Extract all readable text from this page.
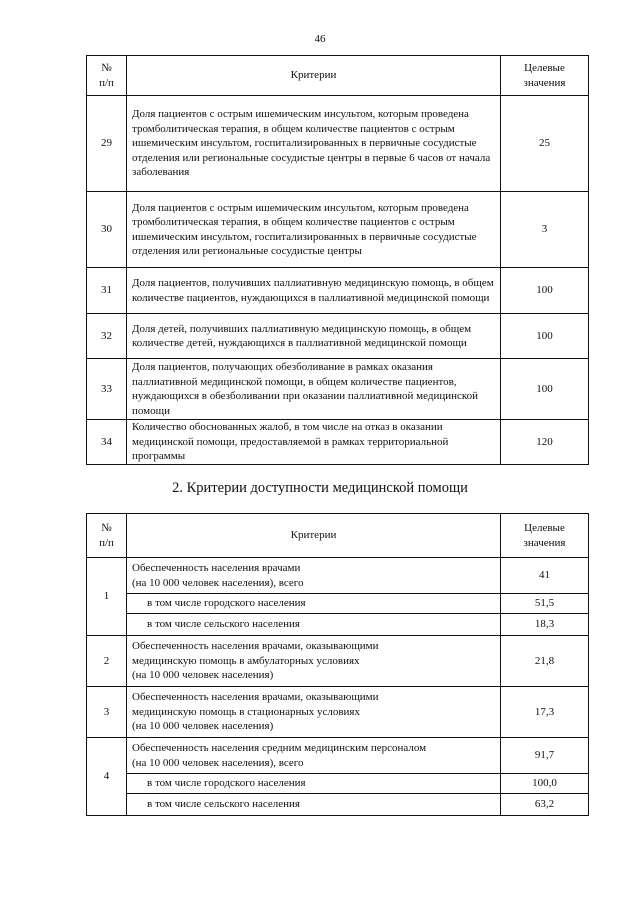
46
№
п/п	Критерии	Целевые
значения
29	Доля пациентов с острым ишемическим инсультом, которым проведена тромболитическая терапия, в общем количестве пациентов с острым ишемическим инсультом, госпитализированных в первичные сосудистые отделения или региональные сосудистые центры в первые 6 часов от начала заболевания	25
30	Доля пациентов с острым ишемическим инсультом, которым проведена тромболитическая терапия, в общем количестве пациентов с острым ишемическим инсультом, госпитализированных в первичные сосудистые отделения или региональные сосудистые центры	3
31	Доля пациентов, получивших паллиативную медицинскую помощь, в общем количестве пациентов, нуждающихся в паллиативной медицинской помощи	100
32	Доля детей, получивших паллиативную медицинскую помощь, в общем количестве детей, нуждающихся в паллиативной медицинской помощи	100
33	Доля пациентов, получающих обезболивание в рамках оказания паллиативной медицинской помощи, в общем количестве пациентов, нуждающихся в обезболивании при оказании паллиативной медицинской помощи	100
34	Количество обоснованных жалоб, в том числе на отказ в оказании медицинской помощи, предоставляемой в рамках территориальной программы	120
2. Критерии доступности медицинской помощи
№
п/п	Критерии	Целевые
значения
1	Обеспеченность населения врачами
(на 10 000 человек населения), всего	41
	в том числе городского населения	51,5
	в том числе сельского населения	18,3
2	Обеспеченность населения врачами, оказывающими
медицинскую помощь в амбулаторных условиях
(на 10 000 человек населения)	21,8
3	Обеспеченность населения врачами, оказывающими
медицинскую помощь в стационарных условиях
(на 10 000 человек населения)	17,3
4	Обеспеченность населения средним медицинским персоналом
(на 10 000 человек населения), всего	91,7
	в том числе городского населения	100,0
	в том числе сельского населения	63,2
